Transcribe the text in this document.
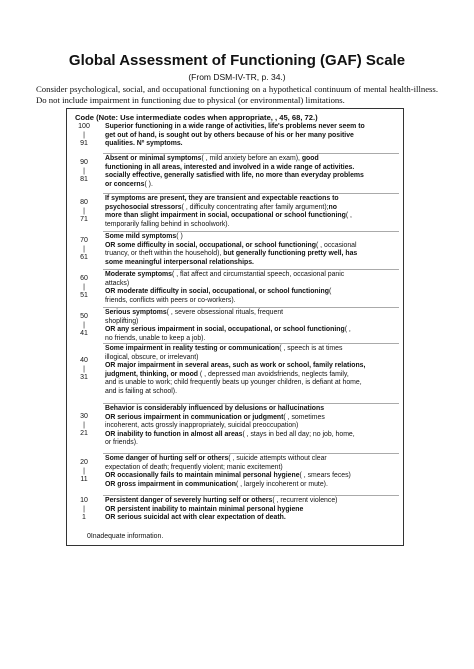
Global Assessment of Functioning (GAF) Scale
(From DSM-IV-TR, p. 34.)
Consider psychological, social, and occupational functioning on a hypothetical continuum of mental health-illness. Do not include impairment in functioning due to physical (or environmental) limitations.
Code (Note: Use intermediate codes when appropriate, , 45, 68, 72.)
0Inadequate information.
100
|
91
Superior functioning in a wide range of activities, life's problems never seem to
get out of hand, is sought out by others because of his or her many positive
qualities. Nº symptoms.
90
|
81
Absent or minimal symptoms( , mild anxiety before an exam), good
functioning in all areas, interested and involved in a wide range of activities.
socially effective, generally satisfied with life, no more than everyday problems
or concerns( ).
80
|
71
If symptoms are present, they are transient and expectable reactions to
psychosocial stressors( , difficulty concentrating after family argument);no
more than slight impairment in social, occupational or school functioning( ,
temporarily falling behind in schoolwork).
70
|
61
Some mild symptoms( )
OR some difficulty in social, occupational, or school functioning( , occasional
truancy, or theft within the household), but generally functioning pretty well, has
some meaningful interpersonal relationships.
60
|
51
Moderate symptoms( , flat affect and circumstantial speech, occasional panic
attacks)
OR moderate difficulty in social, occupational, or school functioning(
friends, conflicts with peers or co-workers).
50
|
41
Serious symptoms( , severe obsessional rituals, frequent
shoplifting)
OR any serious impairment in social, occupational, or school functioning( ,
no friends, unable to keep a job).
40
|
31
Some impairment in reality testing or communication( , speech is at times
illogical, obscure, or irrelevant)
OR major impairment in several areas, such as work or school, family relations,
judgment, thinking, or mood ( , depressed man avoidsfriends, neglects family,
and is unable to work; child frequently beats up younger children, is defiant at home,
and is failing at school).
30
|
21
Behavior is considerably influenced by delusions or hallucinations
OR serious impairment in communication or judgment( , sometimes
incoherent, acts grossly inappropriately, suicidal preoccupation)
OR inability to function in almost all areas( , stays in bed all day; no job, home,
or friends).
20
|
11
Some danger of hurting self or others( , suicide attempts without clear
expectation of death; frequently violent; manic excitement)
OR occasionally fails to maintain minimal personal hygiene( , smears feces)
OR gross impairment in communication( , largely incoherent or mute).
10
|
1
Persistent danger of severely hurting self or others( , recurrent violence)
OR persistent inability to maintain minimal personal hygiene
OR serious suicidal act with clear expectation of death.
